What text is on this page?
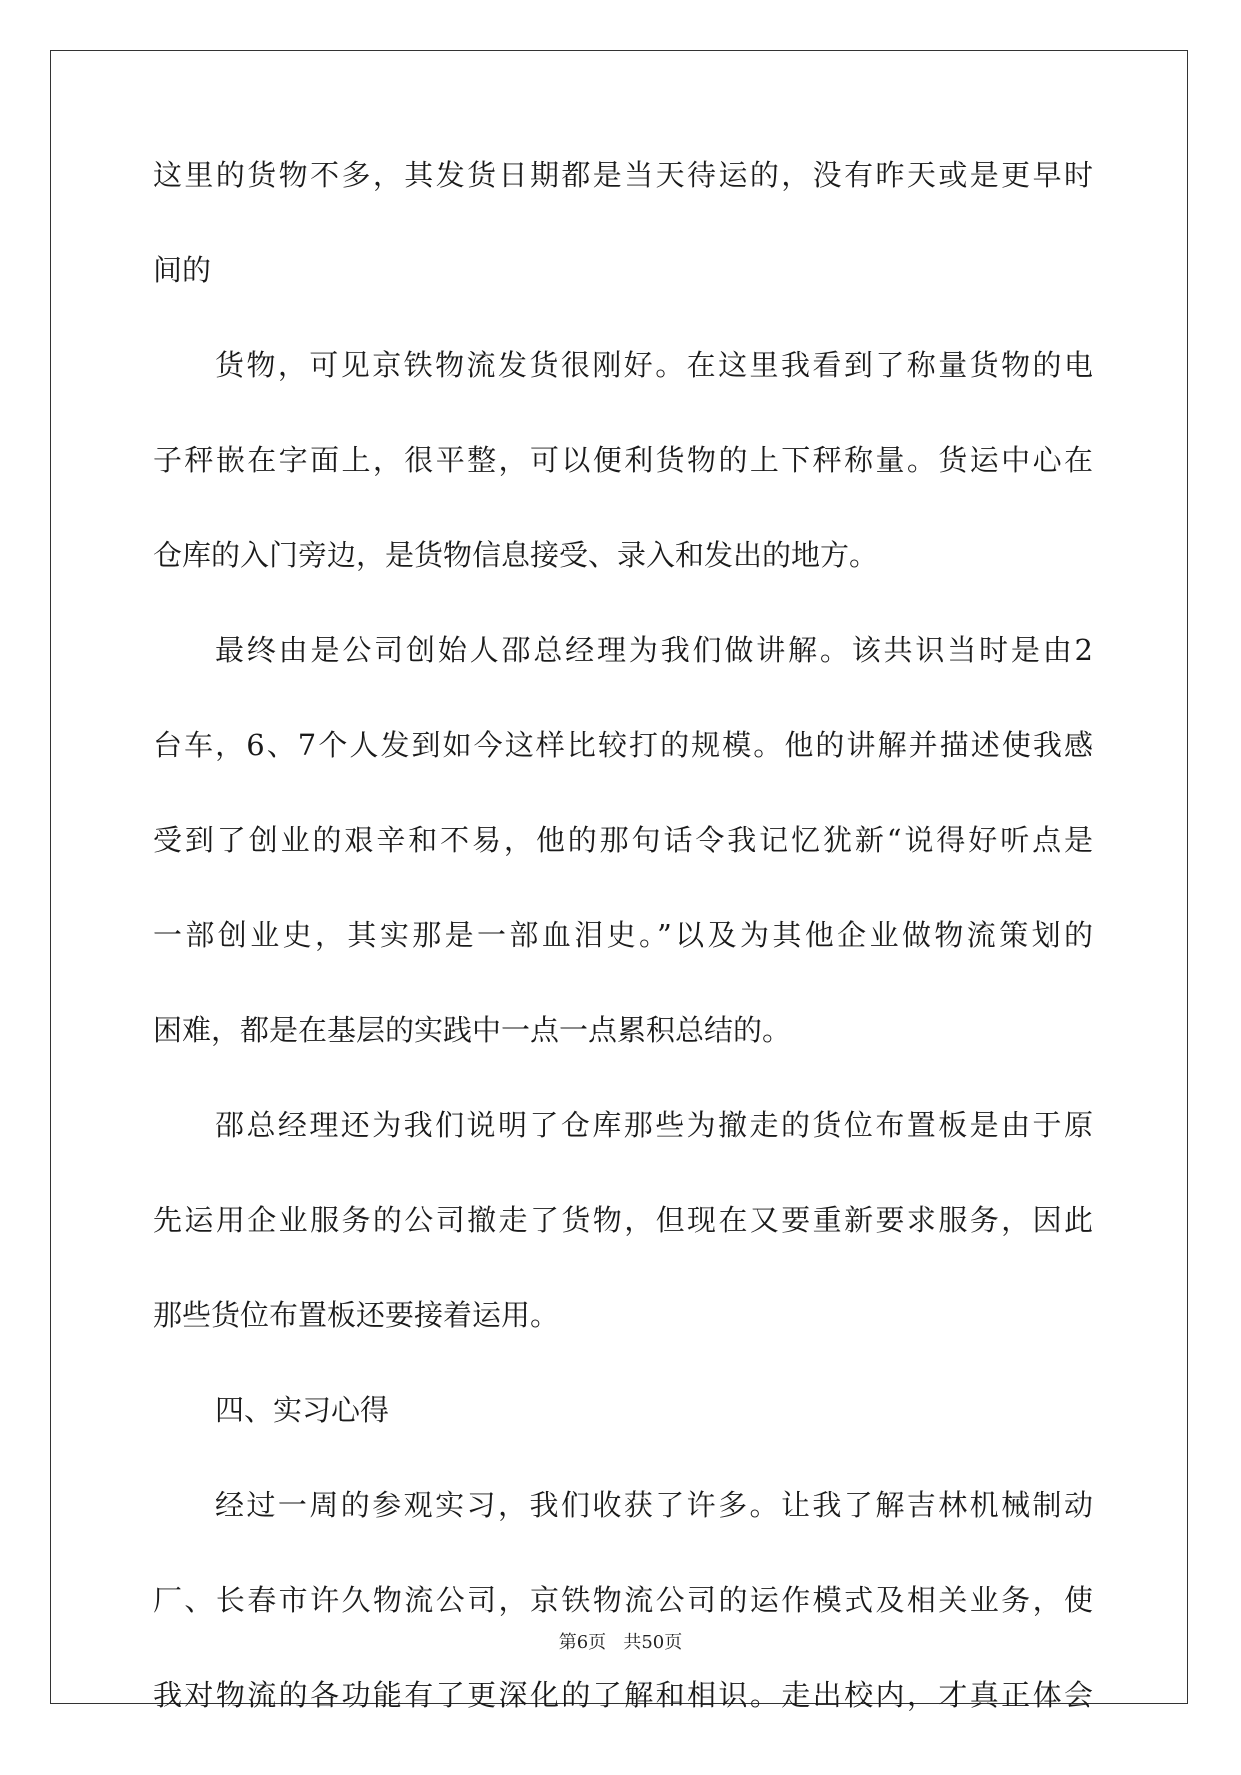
这里的货物不多，其发货日期都是当天待运的，没有昨天或是更早时
间的
货物，可见京铁物流发货很刚好。在这里我看到了称量货物的电
子秤嵌在字面上，很平整，可以便利货物的上下秤称量。货运中心在
仓库的入门旁边，是货物信息接受、录入和发出的地方。
最终由是公司创始人邵总经理为我们做讲解。该共识当时是由2
台车，6、7个人发到如今这样比较打的规模。他的讲解并描述使我感
受到了创业的艰辛和不易，他的那句话令我记忆犹新“说得好听点是
一部创业史，其实那是一部血泪史。”以及为其他企业做物流策划的
困难，都是在基层的实践中一点一点累积总结的。
邵总经理还为我们说明了仓库那些为撤走的货位布置板是由于原
先运用企业服务的公司撤走了货物，但现在又要重新要求服务，因此
那些货位布置板还要接着运用。
四、实习心得
经过一周的参观实习，我们收获了许多。让我了解吉林机械制动
厂、长春市许久物流公司，京铁物流公司的运作模式及相关业务，使
我对物流的各功能有了更深化的了解和相识。走出校内，才真正体会
第6页   共50页
